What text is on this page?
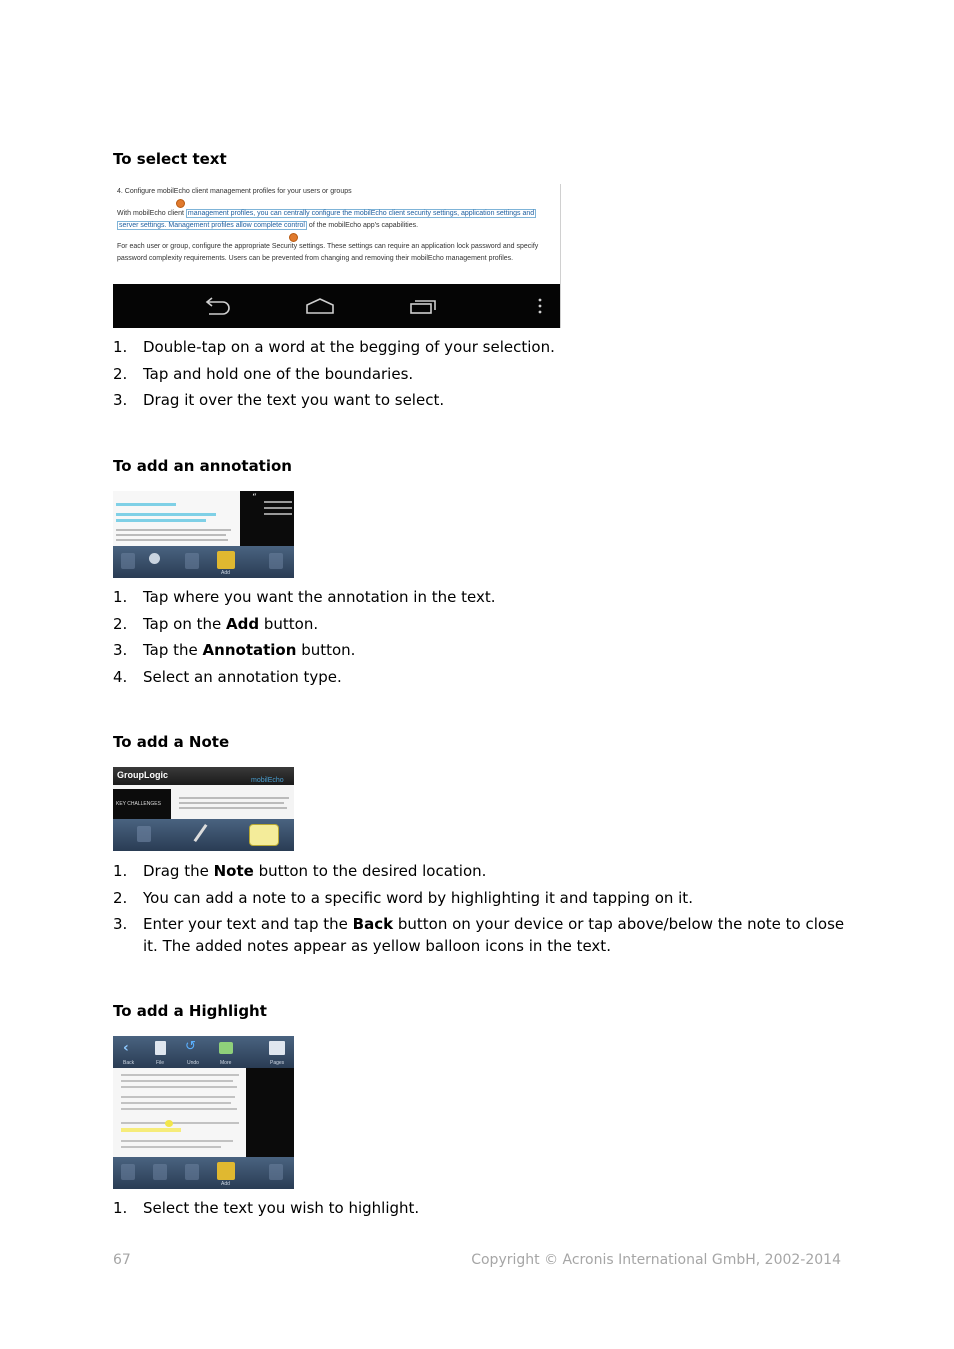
To select text
4. Configure mobilEcho client management profiles for your users or groups
With mobilEcho client management profiles, you can centrally configure the mobilEcho client security settings, application settings and
server settings. Management profiles allow complete control of the mobilEcho app's capabilities.
For each user or group, configure the appropriate Security settings. These settings can require an application lock password and specify
password complexity requirements. Users can be prevented from changing and removing their mobilEcho management profiles.
1. Double-tap on a word at the begging of your selection.
2. Tap and hold one of the boundaries.
3. Drag it over the text you want to select.
To add an annotation
“
Add
1. Tap where you want the annotation in the text.
2. Tap on the Add button.
3. Tap the Annotation button.
4. Select an annotation type.
To add a Note
GroupLogic
mobilEcho
KEY CHALLENGES
1. Drag the Note button to the desired location.
2. You can add a note to a specific word by highlighting it and tapping on it.
3. Enter your text and tap the Back button on your device or tap above/below the note to close it. The added notes appear as yellow balloon icons in the text.
To add a Highlight
‹	↺
Back	File	Undo	More	Pages
Add
1. Select the text you wish to highlight.
67	Copyright © Acronis International GmbH, 2002-2014
